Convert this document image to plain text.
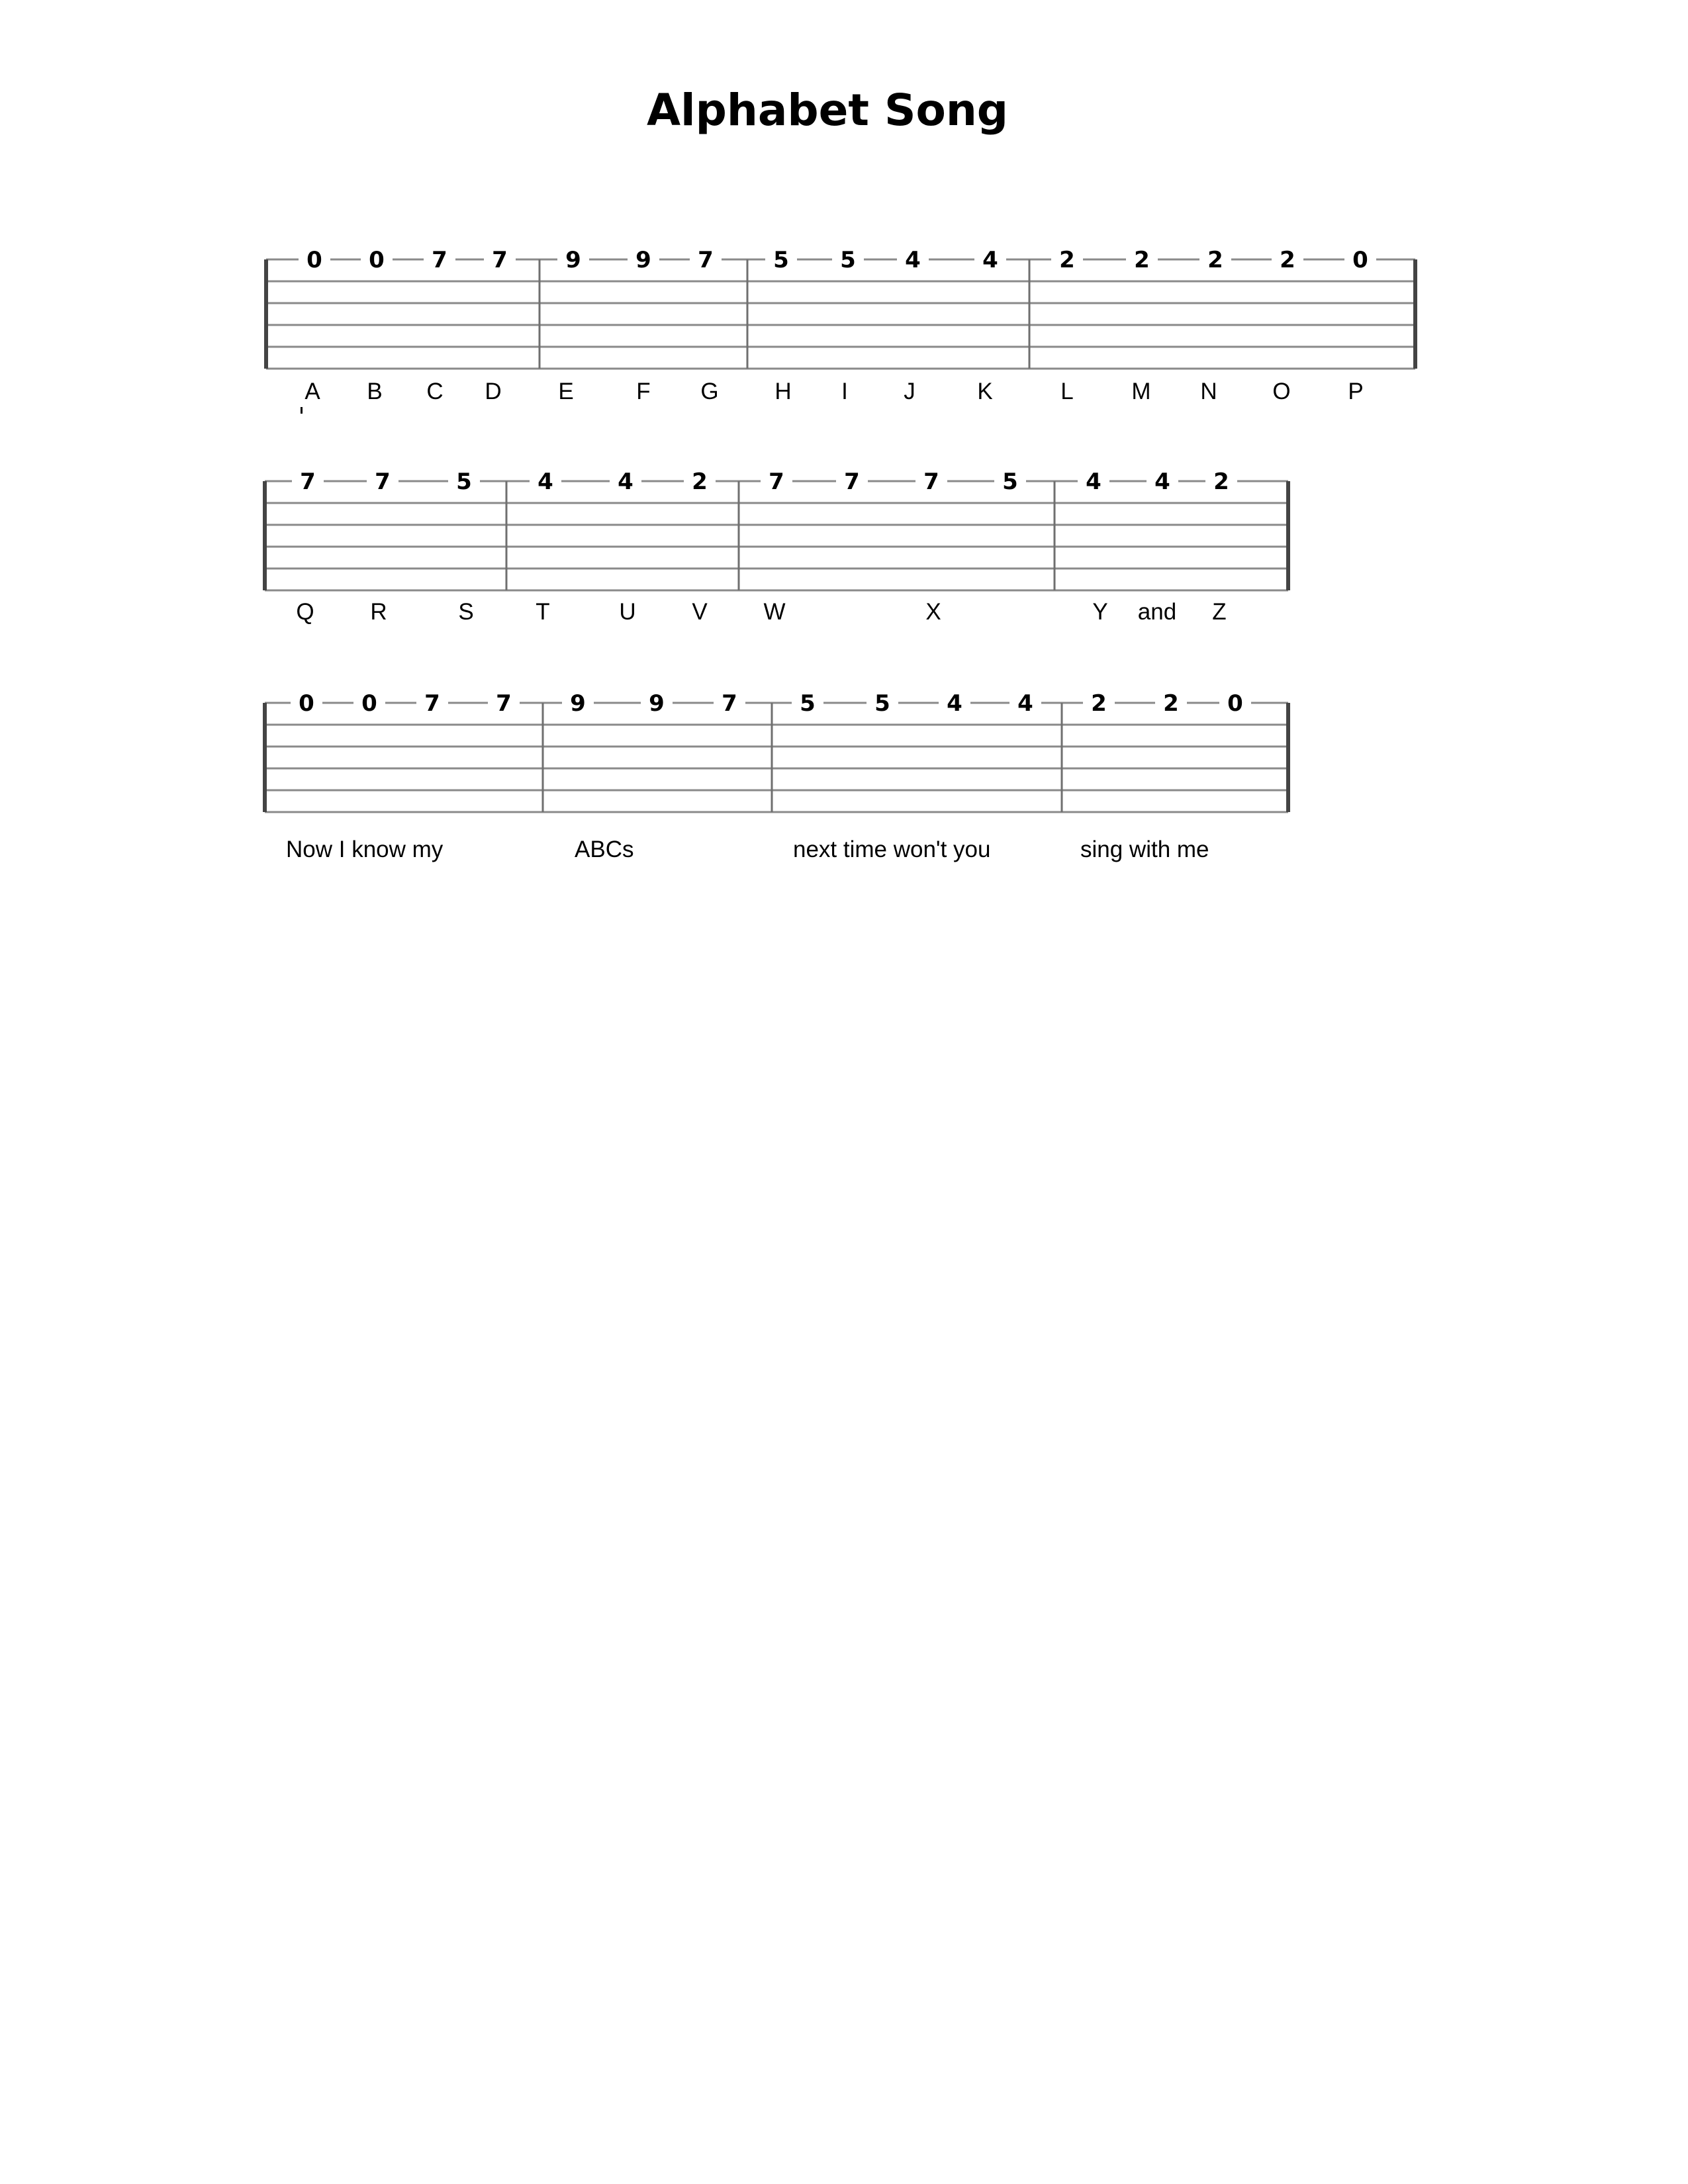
Alphabet Song
0 0 7 7	9 9 7	5 5 4	4	2	2	2	2	0
A B C D E	F G H I J	K	L	M N O P
7	7	5	4	4	2	7	7	7	5	4 4 2
Q R	S	T	U V W	X	Y and Z
0 0 7 7	9	9	7	5	5	4 4	2	2 0
Now I know my	ABCs	next time won't you	sing with me
